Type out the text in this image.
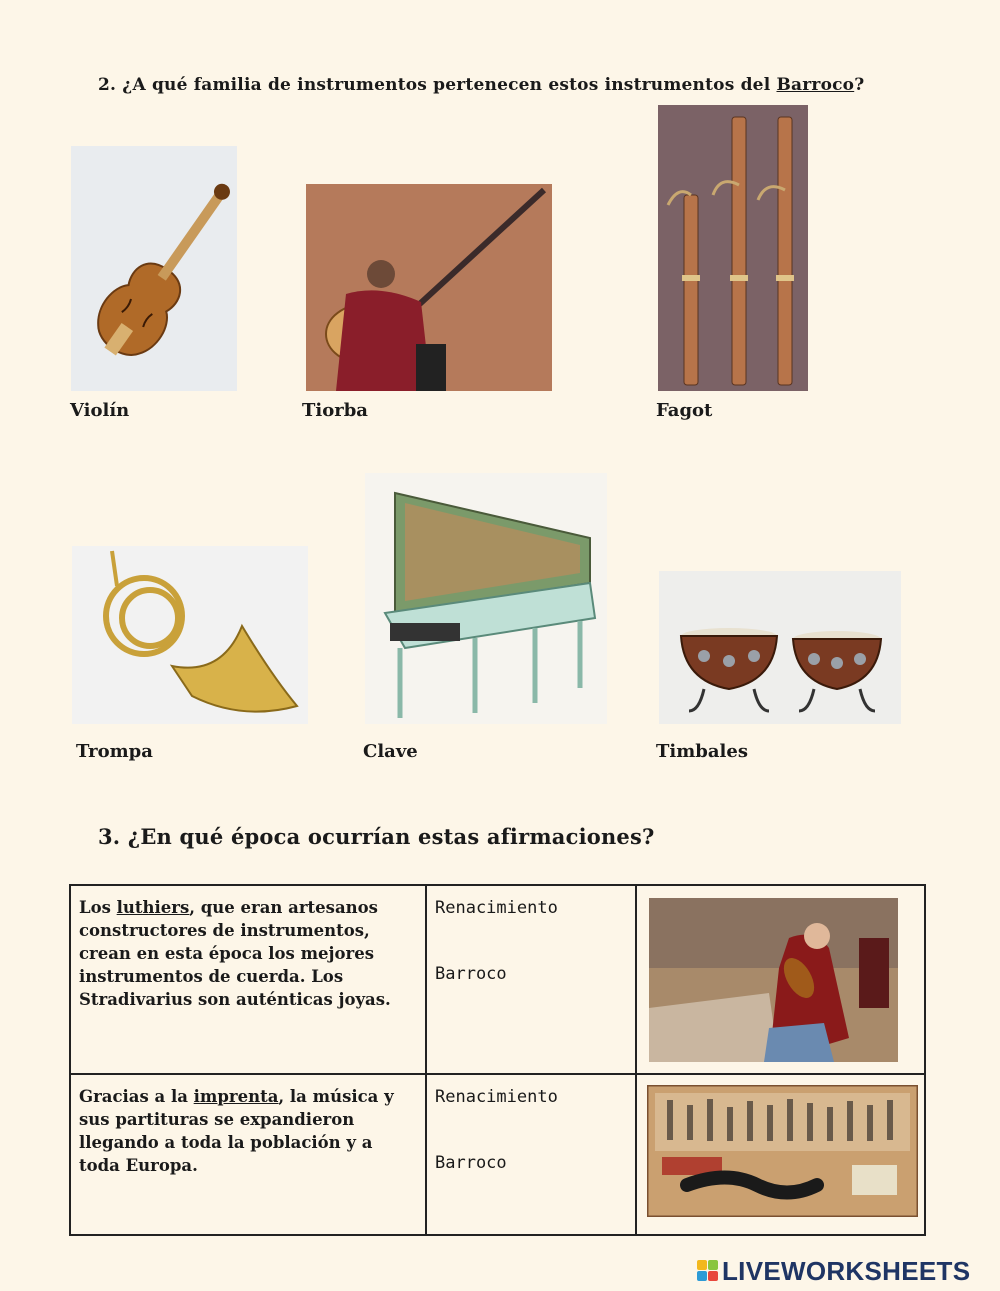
2. ¿A qué familia de instrumentos pertenecen estos instrumentos del Barroco?
Violín	Tiorba	Fagot
Trompa	Clave	Timbales
3. ¿En qué época ocurrían estas afirmaciones?
Los luthiers, que eran artesanos constructores de instrumentos, crean en esta época los mejores instrumentos de cuerda. Los Stradivarius son auténticas joyas.	Renacimiento
Barroco

Gracias a la imprenta, la música y sus partituras se expandieron llegando a toda la población y a toda Europa.	Renacimiento
Barroco

LIVEWORKSHEETS
